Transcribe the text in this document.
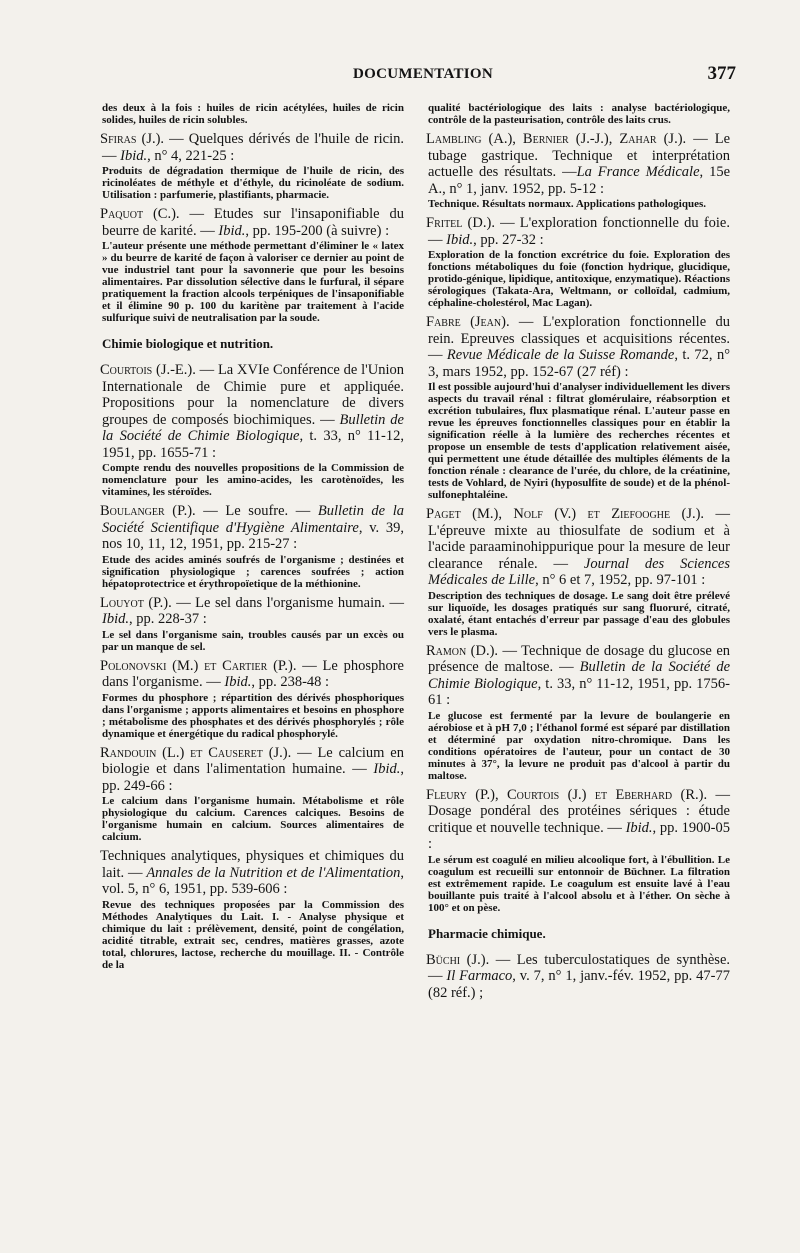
DOCUMENTATION	377
des deux à la fois : huiles de ricin acétylées, huiles de ricin solides, huiles de ricin solubles.
Sfiras (J.). — Quelques dérivés de l'huile de ricin. — Ibid., n° 4, 221-25 :
Produits de dégradation thermique de l'huile de ricin, des ricinoléates de méthyle et d'éthyle, du ricinoléate de sodium. Utilisation : parfumerie, plastifiants, pharmacie.
Paquot (C.). — Etudes sur l'insaponifiable du beurre de karité. — Ibid., pp. 195-200 (à suivre) :
L'auteur présente une méthode permettant d'éliminer le « latex » du beurre de karité de façon à valoriser ce dernier au point de vue industriel tant pour la savonnerie que pour les besoins alimentaires. Par dissolution sélective dans le furfural, il sépare pratiquement la fraction alcools terpéniques de l'insaponifiable et il élimine 90 p. 100 du karitène par traitement à l'acide sulfurique suivi de neutralisation par la soude.
Chimie biologique et nutrition.
Courtois (J.-E.). — La XVIe Conférence de l'Union Internationale de Chimie pure et appliquée. Propositions pour la nomenclature de divers groupes de composés biochimiques. — Bulletin de la Société de Chimie Biologique, t. 33, n° 11-12, 1951, pp. 1655-71 :
Compte rendu des nouvelles propositions de la Commission de nomenclature pour les amino-acides, les carotènoïdes, les vitamines, les stéroïdes.
Boulanger (P.). — Le soufre. — Bulletin de la Société Scientifique d'Hygiène Alimentaire, v. 39, nos 10, 11, 12, 1951, pp. 215-27 :
Etude des acides aminés soufrés de l'organisme ; destinées et signification physiologique ; carences soufrées ; action hépatoprotectrice et érythropoïetique de la méthionine.
Louyot (P.). — Le sel dans l'organisme humain. — Ibid., pp. 228-37 :
Le sel dans l'organisme sain, troubles causés par un excès ou par un manque de sel.
Polonovski (M.) et Cartier (P.). — Le phosphore dans l'organisme. — Ibid., pp. 238-48 :
Formes du phosphore ; répartition des dérivés phosphoriques dans l'organisme ; apports alimentaires et besoins en phosphore ; métabolisme des phosphates et des dérivés phosphorylés ; rôle dynamique et énergétique du radical phosphorylé.
Randouin (L.) et Causeret (J.). — Le calcium en biologie et dans l'alimentation humaine. — Ibid., pp. 249-66 :
Le calcium dans l'organisme humain. Métabolisme et rôle physiologique du calcium. Carences calciques. Besoins de l'organisme humain en calcium. Sources alimentaires de calcium.
Techniques analytiques, physiques et chimiques du lait. — Annales de la Nutrition et de l'Alimentation, vol. 5, n° 6, 1951, pp. 539-606 :
Revue des techniques proposées par la Commission des Méthodes Analytiques du Lait. I. - Analyse physique et chimique du lait : prélèvement, densité, point de congélation, acidité titrable, extrait sec, cendres, matières grasses, azote total, chlorures, lactose, recherche du mouillage. II. - Contrôle de la
qualité bactériologique des laits : analyse bactériologique, contrôle de la pasteurisation, contrôle des laits crus.
Lambling (A.), Bernier (J.-J.), Zahar (J.). — Le tubage gastrique. Technique et interprétation actuelle des résultats. —La France Médicale, 15e A., n° 1, janv. 1952, pp. 5-12 :
Technique. Résultats normaux. Applications pathologiques.
Fritel (D.). — L'exploration fonctionnelle du foie. — Ibid., pp. 27-32 :
Exploration de la fonction excrétrice du foie. Exploration des fonctions métaboliques du foie (fonction hydrique, glucidique, protido-génique, lipidique, antitoxique, enzymatique). Réactions sérologiques (Takata-Ara, Weltmann, or colloïdal, cadmium, céphaline-cholestérol, Mac Lagan).
Fabre (Jean). — L'exploration fonctionnelle du rein. Epreuves classiques et acquisitions récentes. — Revue Médicale de la Suisse Romande, t. 72, n° 3, mars 1952, pp. 152-67 (27 réf) :
Il est possible aujourd'hui d'analyser individuellement les divers aspects du travail rénal : filtrat glomérulaire, réabsorption et excrétion tubulaires, flux plasmatique rénal. L'auteur passe en revue les épreuves fonctionnelles classiques pour en établir la signification réelle à la lumière des recherches récentes et propose un ensemble de tests d'application relativement aisée, qui permettent une étude détaillée des multiples éléments de la fonction rénale : clearance de l'urée, du chlore, de la créatinine, tests de Vohlard, de Nyiri (hyposulfite de soude) et de la phénol-sulfonephtaléine.
Paget (M.), Nolf (V.) et Ziefooghe (J.). — L'épreuve mixte au thiosulfate de sodium et à l'acide paraaminohippurique pour la mesure de leur clearance rénale. — Journal des Sciences Médicales de Lille, n° 6 et 7, 1952, pp. 97-101 :
Description des techniques de dosage. Le sang doit être prélevé sur liquoïde, les dosages pratiqués sur sang fluoruré, citraté, oxalaté, étant entachés d'erreur par passage d'eau des globules vers le plasma.
Ramon (D.). — Technique de dosage du glucose en présence de maltose. — Bulletin de la Société de Chimie Biologique, t. 33, n° 11-12, 1951, pp. 1756-61 :
Le glucose est fermenté par la levure de boulangerie en aérobiose et à pH 7,0 ; l'éthanol formé est séparé par distillation et déterminé par oxydation nitro-chromique. Dans les conditions opératoires de l'auteur, pour un contact de 30 minutes à 37°, la levure ne produit pas d'alcool à partir du maltose.
Fleury (P.), Courtois (J.) et Eberhard (R.). — Dosage pondéral des protéines sériques : étude critique et nouvelle technique. — Ibid., pp. 1900-05 :
Le sérum est coagulé en milieu alcoolique fort, à l'ébullition. Le coagulum est recueilli sur entonnoir de Büchner. La filtration est extrêmement rapide. Le coagulum est ensuite lavé à l'eau bouillante puis traité à l'alcool absolu et à l'éther. On sèche à 100° et on pèse.
Pharmacie chimique.
Büchi (J.). — Les tuberculostatiques de synthèse. — Il Farmaco, v. 7, n° 1, janv.-fév. 1952, pp. 47-77 (82 réf.) ;
